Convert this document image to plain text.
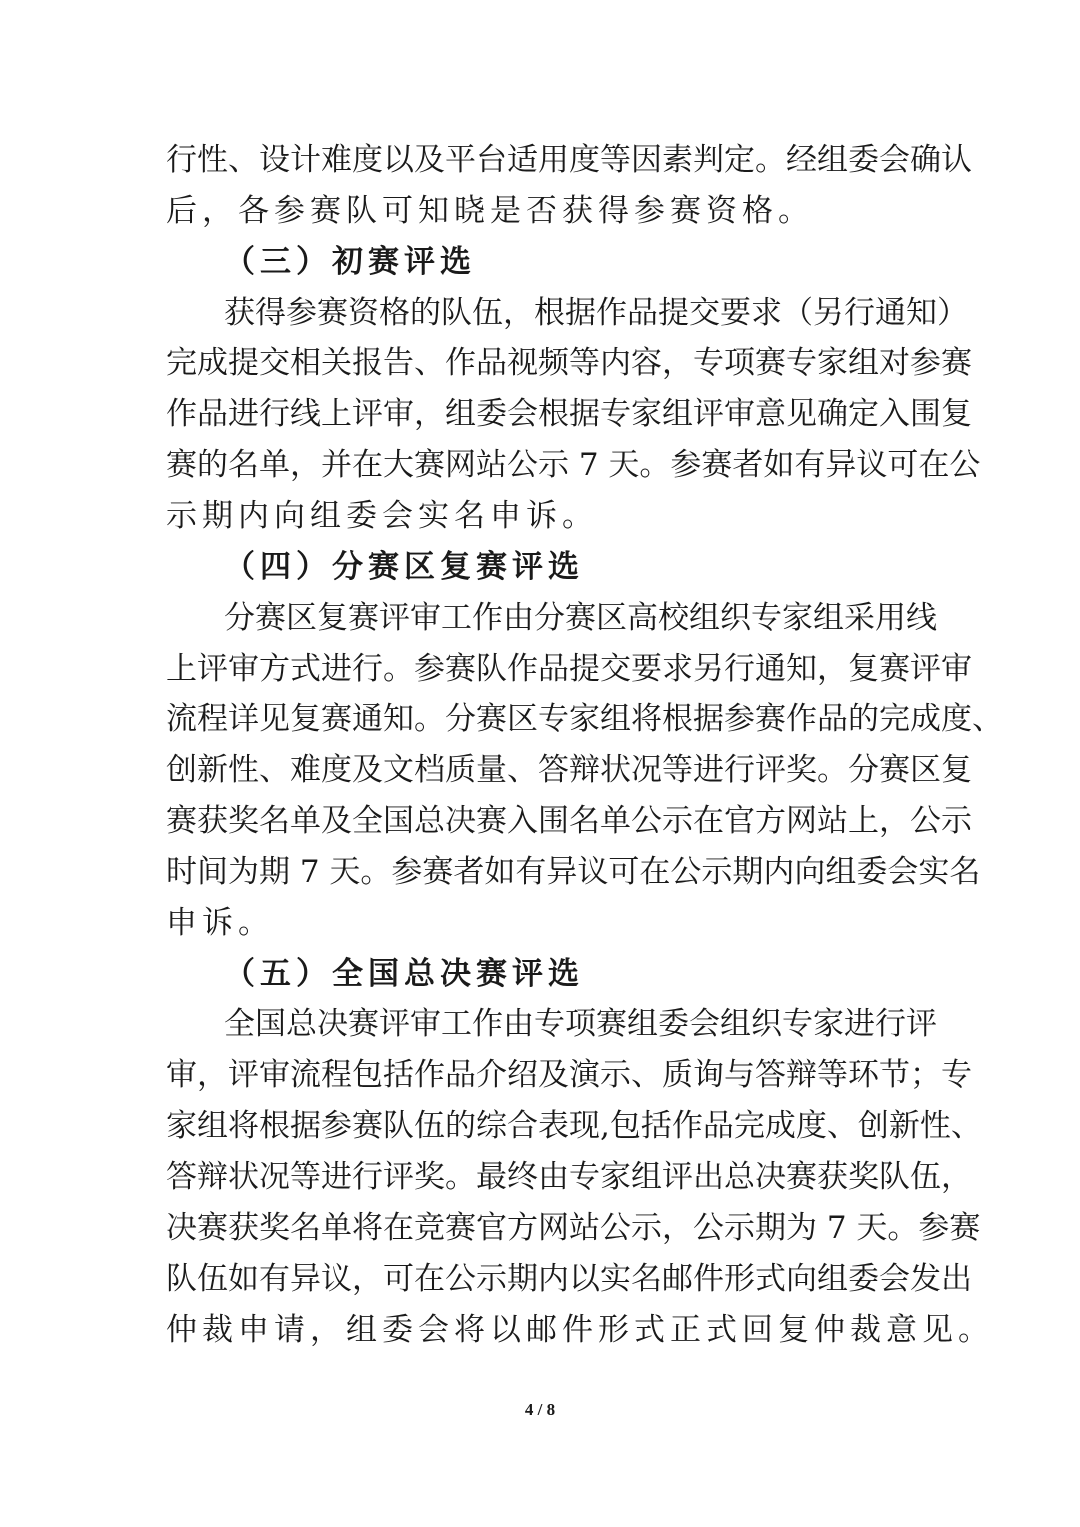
行性、设计难度以及平台适用度等因素判定。经组委会确认
后，各参赛队可知晓是否获得参赛资格。
（三）初赛评选
获得参赛资格的队伍，根据作品提交要求（另行通知）
完成提交相关报告、作品视频等内容，专项赛专家组对参赛
作品进行线上评审，组委会根据专家组评审意见确定入围复
赛的名单，并在大赛网站公示 7 天。参赛者如有异议可在公
示期内向组委会实名申诉。
（四）分赛区复赛评选
分赛区复赛评审工作由分赛区高校组织专家组采用线
上评审方式进行。参赛队作品提交要求另行通知，复赛评审
流程详见复赛通知。分赛区专家组将根据参赛作品的完成度、
创新性、难度及文档质量、答辩状况等进行评奖。分赛区复
赛获奖名单及全国总决赛入围名单公示在官方网站上，公示
时间为期 7 天。参赛者如有异议可在公示期内向组委会实名
申诉。
（五）全国总决赛评选
全国总决赛评审工作由专项赛组委会组织专家进行评
审，评审流程包括作品介绍及演示、质询与答辩等环节；专
家组将根据参赛队伍的综合表现,包括作品完成度、创新性、
答辩状况等进行评奖。最终由专家组评出总决赛获奖队伍，
决赛获奖名单将在竞赛官方网站公示，公示期为 7 天。参赛
队伍如有异议，可在公示期内以实名邮件形式向组委会发出
仲裁申请，组委会将以邮件形式正式回复仲裁意见。
4 / 8
